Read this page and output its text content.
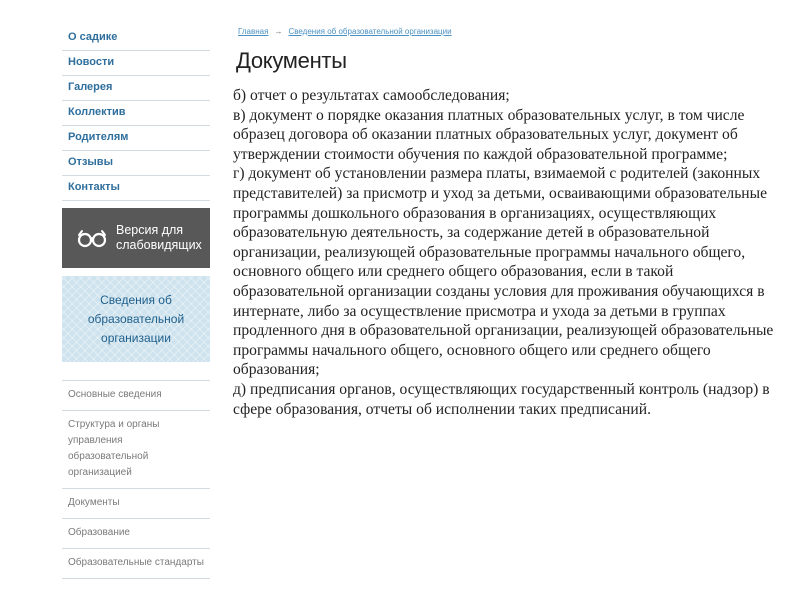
О садике
Новости
Галерея
Коллектив
Родителям
Отзывы
Контакты
Версия для слабовидящих
Сведения об образовательной организации
Основные сведения
Структура и органы управления образовательной организацией
Документы
Образование
Образовательные стандарты
Главная → Сведения об образовательной организации
Документы

б) отчет о результатах самообследования;

в) документ о порядке оказания платных образовательных услуг, в том числе образец договора об оказании платных образовательных услуг, документ об утверждении стоимости обучения по каждой образовательной программе;

г) документ об установлении размера платы, взимаемой с родителей (законных представителей) за присмотр и уход за детьми, осваивающими образовательные программы дошкольного образования в организациях, осуществляющих образовательную деятельность, за содержание детей в образовательной организации, реализующей образовательные программы начального общего, основного общего или среднего общего образования, если в такой образовательной организации созданы условия для проживания обучающихся в интернате, либо за осуществление присмотра и ухода за детьми в группах продленного дня в образовательной организации, реализующей образовательные программы начального общего, основного общего или среднего общего образования;

д) предписания органов, осуществляющих государственный контроль (надзор) в сфере образования, отчеты об исполнении таких предписаний.
